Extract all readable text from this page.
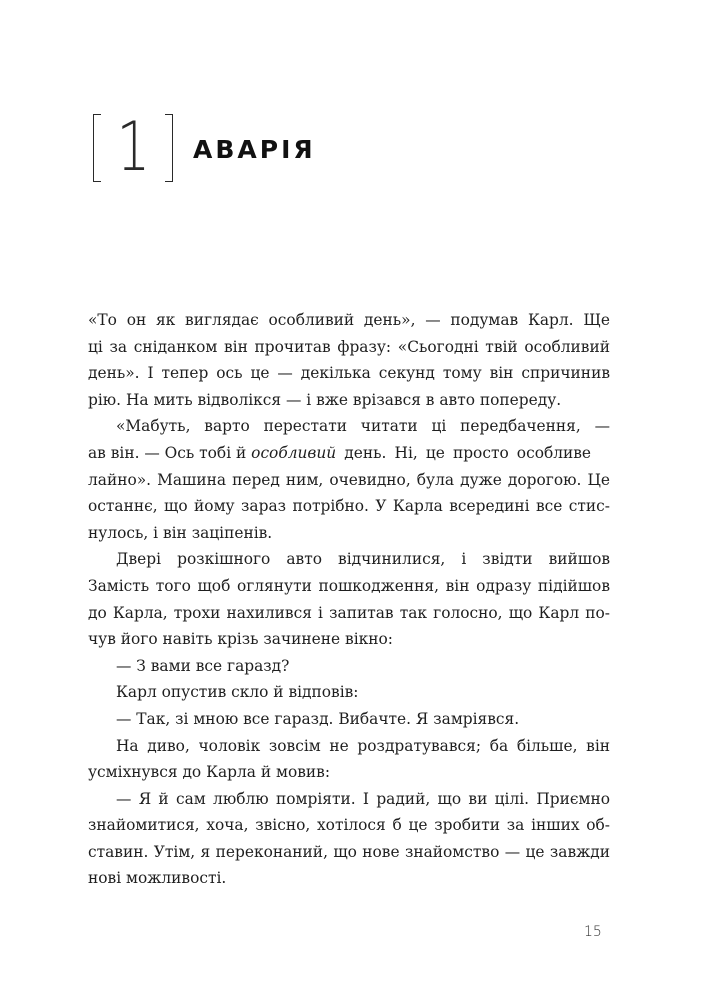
1 АВАРІЯ
«То он як виглядає особливий день», — подумав Карл. Ще
ці за сніданком він прочитав фразу: «Сьогодні твій особливий
день». І тепер ось це — декілька секунд тому він спричинив
рію. На мить відволікся — і вже врізався в авто попереду.
«Мабуть, варто перестати читати ці передбачення, —
ав він. — Ось тобі й особливий день. Ні, це просто особливе
лайно». Машина перед ним, очевидно, була дуже дорогою. Це
останнє, що йому зараз потрібно. У Карла всередині все стис-
нулось, і він заціпенів.
Двері розкішного авто відчинилися, і звідти вийшов
Замість того щоб оглянути пошкодження, він одразу підійшов
до Карла, трохи нахилився і запитав так голосно, що Карл по-
чув його навіть крізь зачинене вікно:
— З вами все гаразд?
Карл опустив скло й відповів:
— Так, зі мною все гаразд. Вибачте. Я замріявся.
На диво, чоловік зовсім не роздратувався; ба більше, він
усміхнувся до Карла й мовив:
— Я й сам люблю помріяти. І радий, що ви цілі. Приємно
знайомитися, хоча, звісно, хотілося б це зробити за інших об-
ставин. Утім, я переконаний, що нове знайомство — це завжди
нові можливості.
15
